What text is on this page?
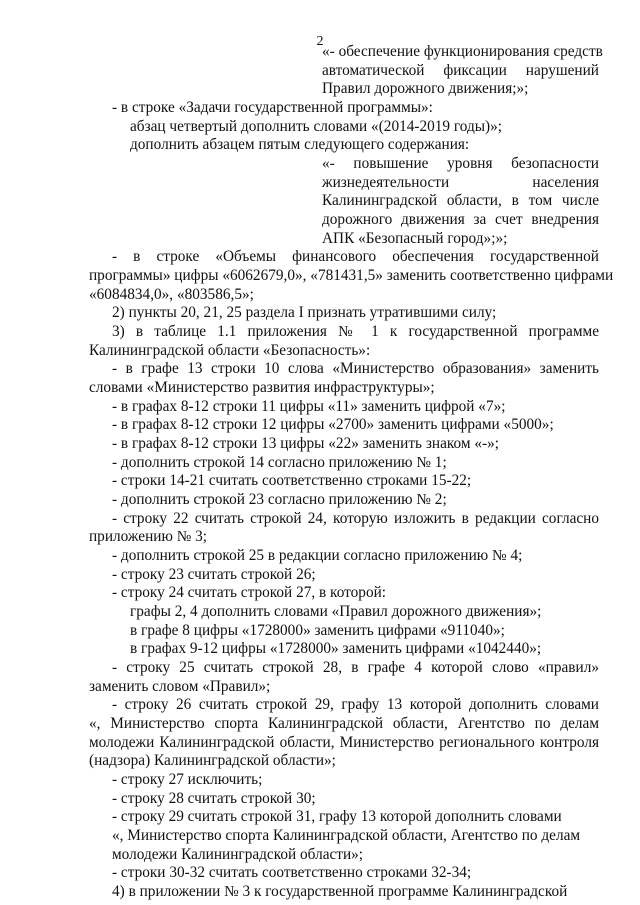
2
«- обеспечение функционирования средств
автоматической фиксации нарушений
Правил дорожного движения;»;
- в строке «Задачи государственной программы»:
абзац четвертый дополнить словами «(2014-2019 годы)»;
дополнить абзацем пятым следующего содержания:
«- повышение уровня безопасности
жизнедеятельности населения
Калининградской области, в том числе
дорожного движения за счет внедрения
АПК «Безопасный город»;»;
- в строке «Объемы финансового обеспечения государственной
программы» цифры «6062679,0», «781431,5» заменить соответственно цифрами
«6084834,0», «803586,5»;
2) пункты 20, 21, 25 раздела I признать утратившими силу;
3) в таблице 1.1 приложения № 1 к государственной программе
Калининградской области «Безопасность»:
- в графе 13 строки 10 слова «Министерство образования» заменить
словами «Министерство развития инфраструктуры»;
- в графах 8-12 строки 11 цифры «11» заменить цифрой «7»;
- в графах 8-12 строки 12 цифры «2700» заменить цифрами «5000»;
- в графах 8-12 строки 13 цифры «22» заменить знаком «-»;
- дополнить строкой 14 согласно приложению № 1;
- строки 14-21 считать соответственно строками 15-22;
- дополнить строкой 23 согласно приложению № 2;
- строку 22 считать строкой 24, которую изложить в редакции согласно
приложению № 3;
- дополнить строкой 25 в редакции согласно приложению № 4;
- строку 23 считать строкой 26;
- строку 24 считать строкой 27, в которой:
графы 2, 4 дополнить словами «Правил дорожного движения»;
в графе 8 цифры «1728000» заменить цифрами «911040»;
в графах 9-12 цифры «1728000» заменить цифрами «1042440»;
- строку 25 считать строкой 28, в графе 4 которой слово «правил»
заменить словом «Правил»;
- строку 26 считать строкой 29, графу 13 которой дополнить словами
«, Министерство спорта Калининградской области, Агентство по делам
молодежи Калининградской области, Министерство регионального контроля
(надзора) Калининградской области»;
- строку 27 исключить;
- строку 28 считать строкой 30;
- строку 29 считать строкой 31, графу 13 которой дополнить словами
«, Министерство спорта Калининградской области, Агентство по делам
молодежи Калининградской области»;
- строки 30-32 считать соответственно строками 32-34;
4) в приложении № 3 к государственной программе Калининградской
